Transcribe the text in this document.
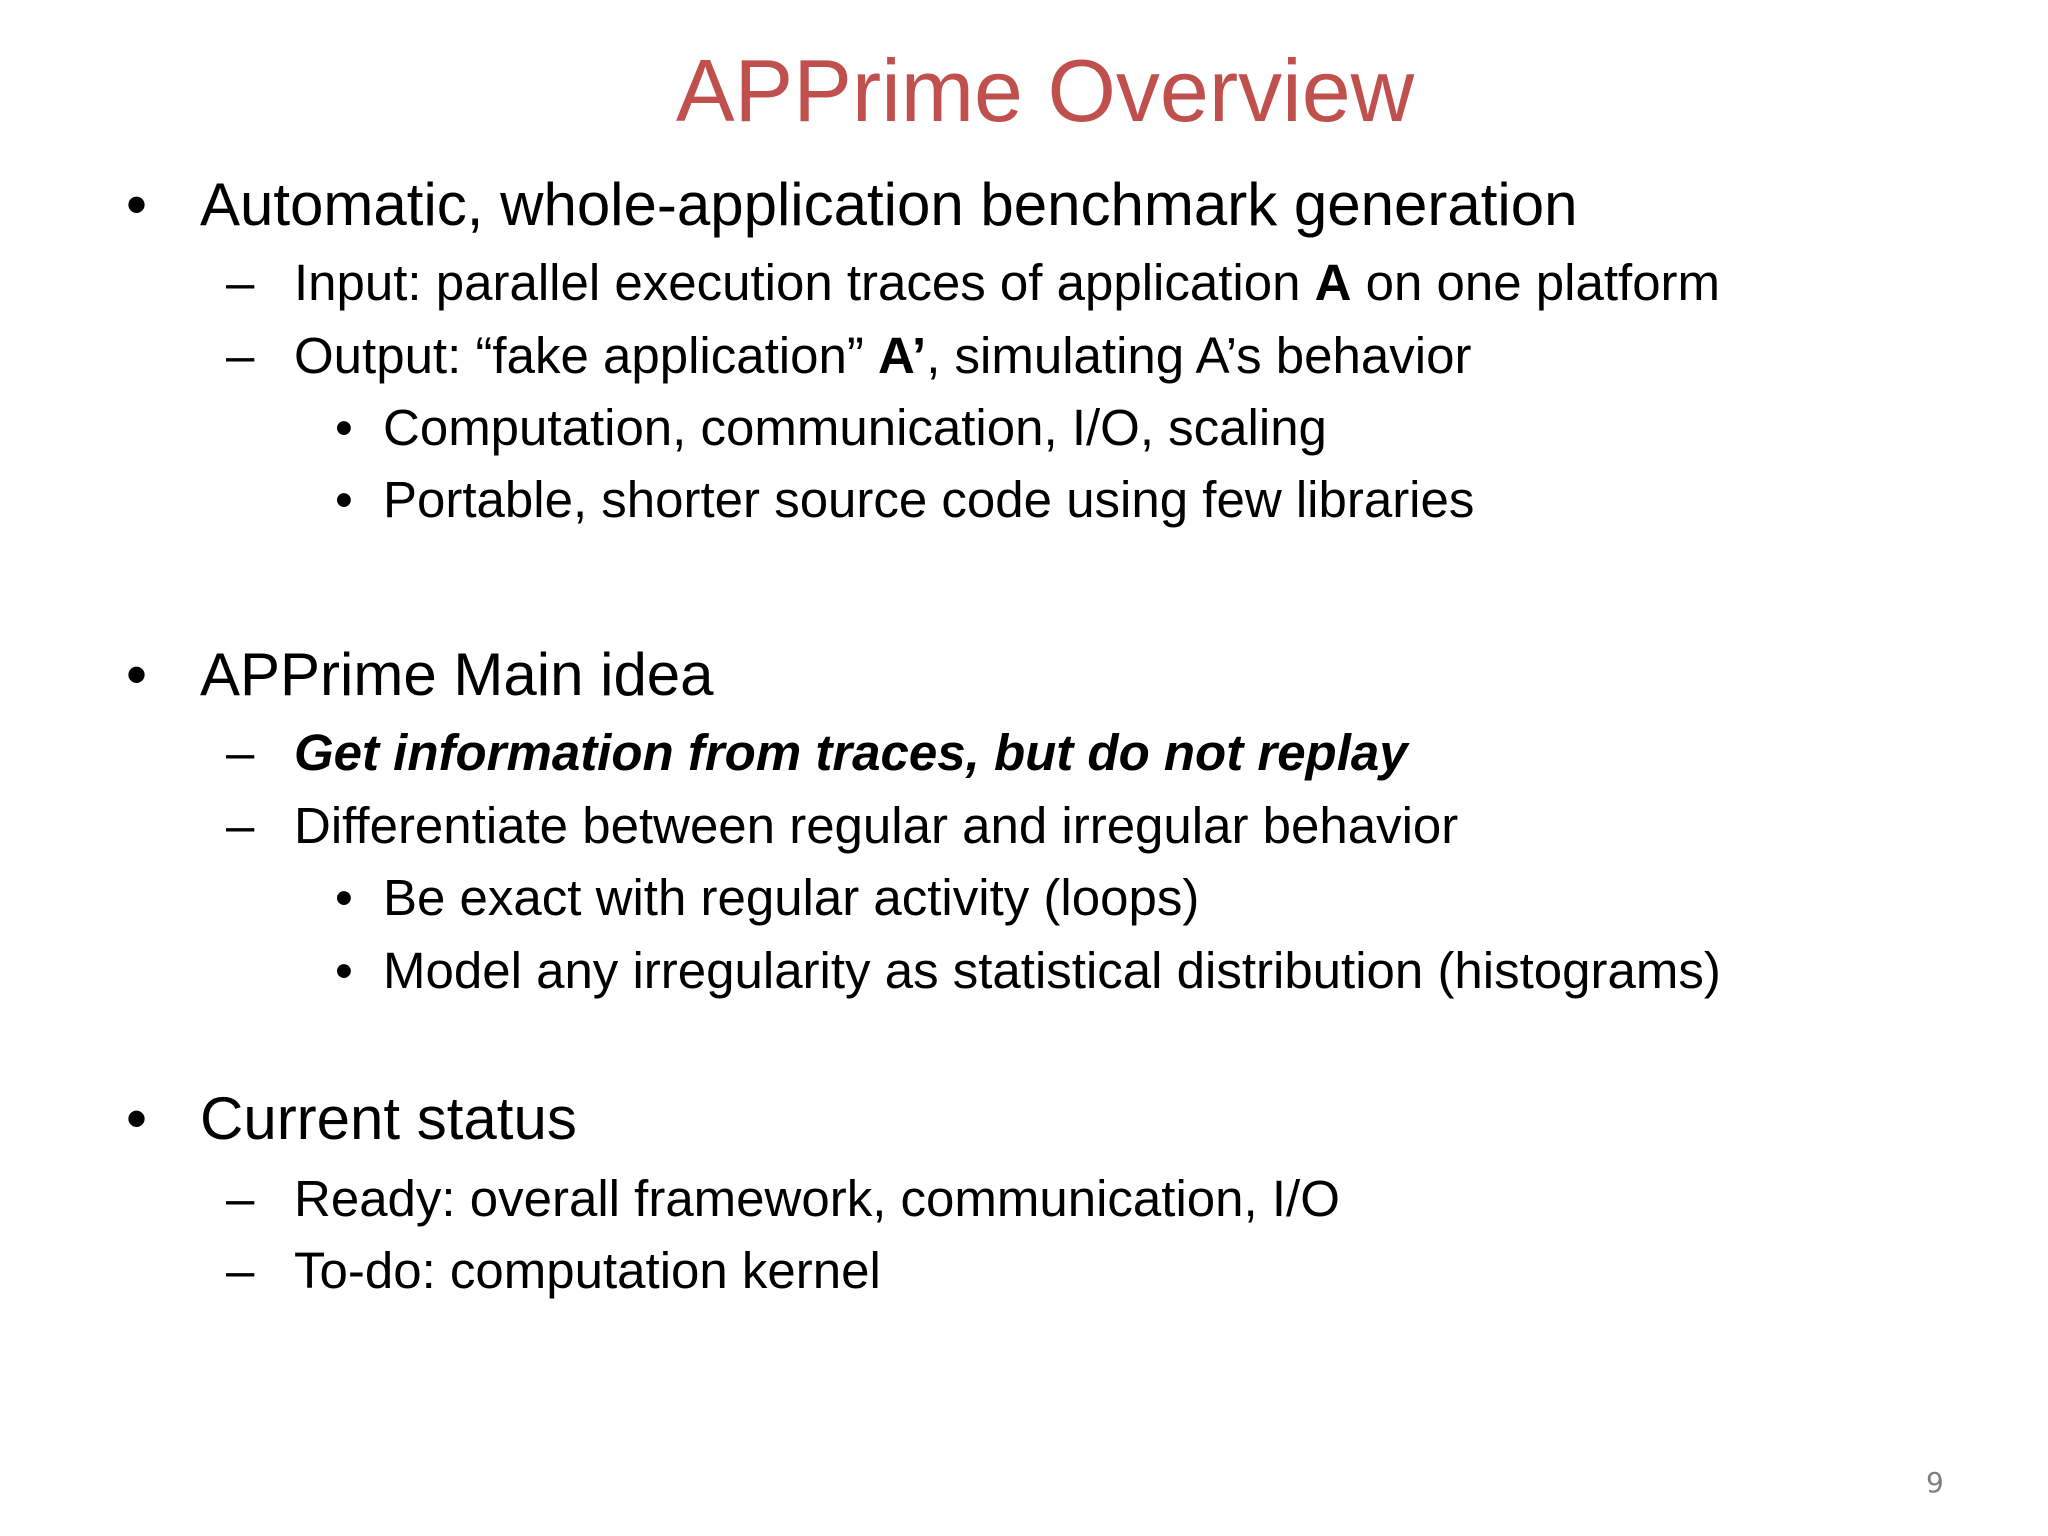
APPrime Overview
• Automatic, whole-application benchmark generation
– Input: parallel execution traces of application A on one platform
– Output: “fake application” A’, simulating A’s behavior
• Computation, communication, I/O, scaling
• Portable, shorter source code using few libraries
• APPrime Main idea
– Get information from traces, but do not replay
– Differentiate between regular and irregular behavior
• Be exact with regular activity (loops)
• Model any irregularity as statistical distribution (histograms)
• Current status
– Ready: overall framework, communication, I/O
– To-do: computation kernel
9
